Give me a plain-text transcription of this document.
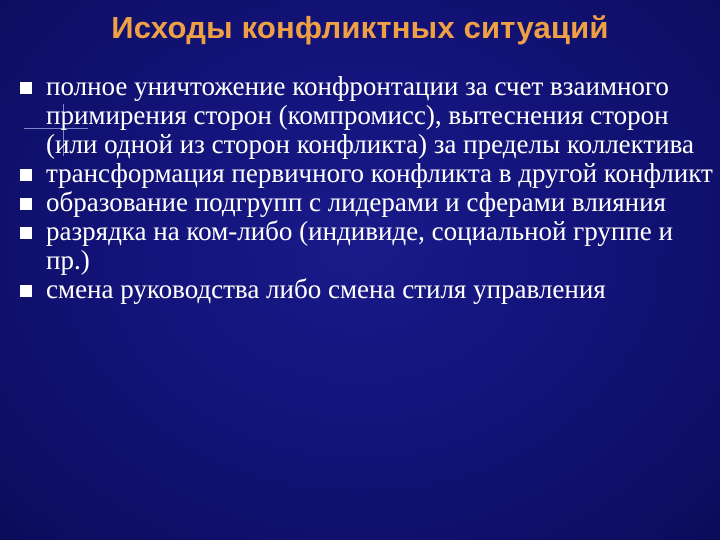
Исходы конфликтных ситуаций
полное уничтожение конфронтации за счет взаимного примирения сторон (компромисс), вытеснения сторон (или одной из сторон конфликта) за пределы коллектива
трансформация первичного конфликта в другой конфликт
образование подгрупп с лидерами и сферами влияния
разрядка на ком-либо (индивиде, социальной группе и пр.)
смена руководства либо смена стиля управления
